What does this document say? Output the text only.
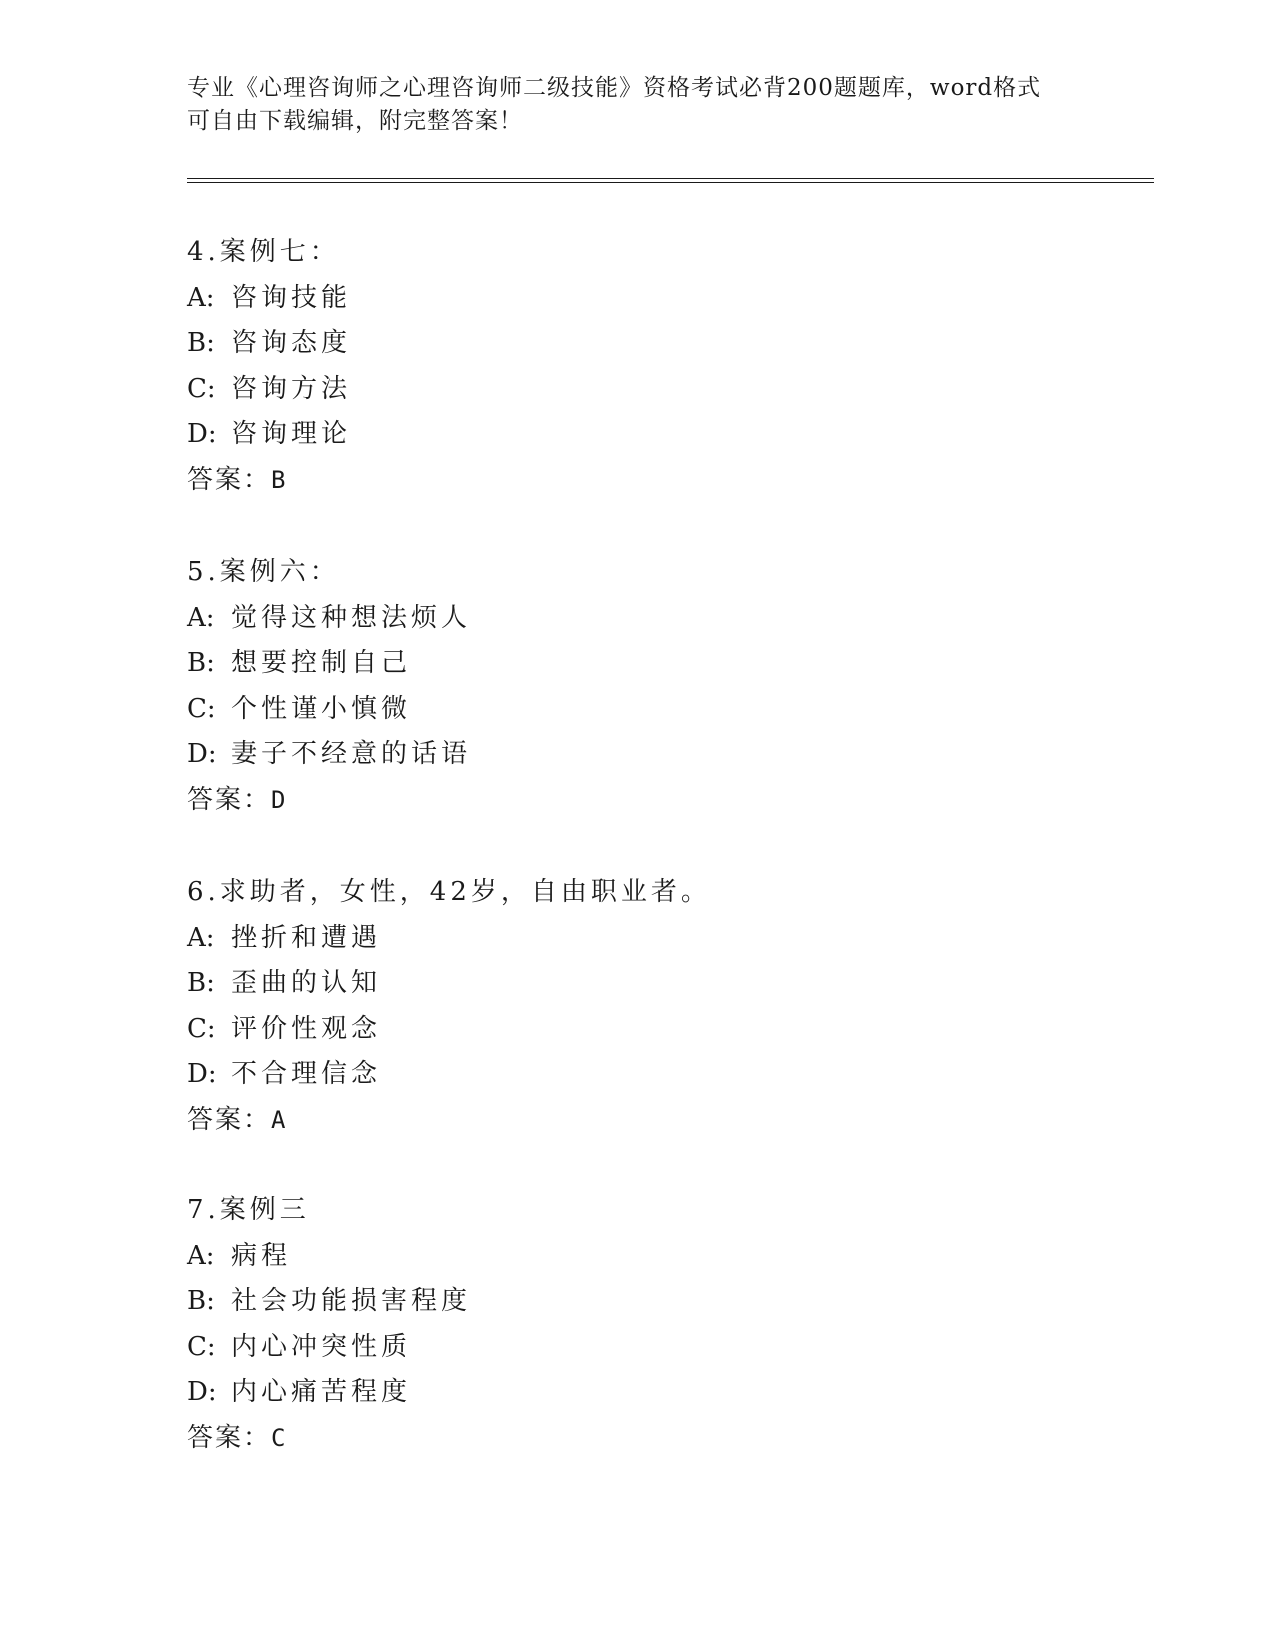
专业《心理咨询师之心理咨询师二级技能》资格考试必背200题题库，word格式
可自由下载编辑，附完整答案！
4.案例七：
A: 咨询技能
B: 咨询态度
C: 咨询方法
D: 咨询理论
答案：B
5.案例六：
A: 觉得这种想法烦人
B: 想要控制自己
C: 个性谨小慎微
D: 妻子不经意的话语
答案：D
6.求助者，女性，42岁，自由职业者。
A: 挫折和遭遇
B: 歪曲的认知
C: 评价性观念
D: 不合理信念
答案：A
7.案例三
A: 病程
B: 社会功能损害程度
C: 内心冲突性质
D: 内心痛苦程度
答案：C
